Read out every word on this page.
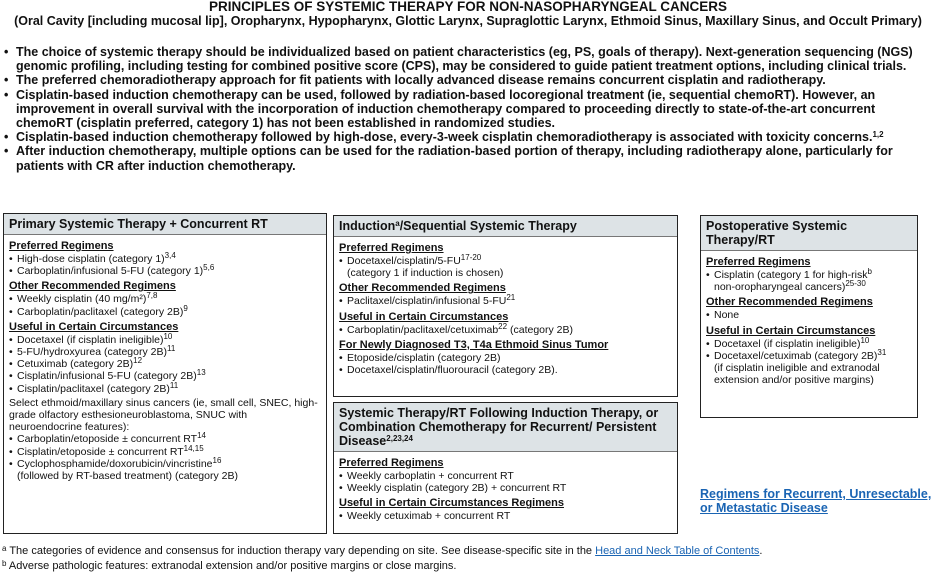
PRINCIPLES OF SYSTEMIC THERAPY FOR NON-NASOPHARYNGEAL CANCERS
(Oral Cavity [including mucosal lip], Oropharynx, Hypopharynx, Glottic Larynx, Supraglottic Larynx, Ethmoid Sinus, Maxillary Sinus, and Occult Primary)
• The choice of systemic therapy should be individualized based on patient characteristics (eg, PS, goals of therapy). Next-generation sequencing (NGS) genomic profiling, including testing for combined positive score (CPS), may be considered to guide patient treatment options, including clinical trials.
• The preferred chemoradiotherapy approach for fit patients with locally advanced disease remains concurrent cisplatin and radiotherapy.
• Cisplatin-based induction chemotherapy can be used, followed by radiation-based locoregional treatment (ie, sequential chemoRT). However, an improvement in overall survival with the incorporation of induction chemotherapy compared to proceeding directly to state-of-the-art concurrent chemoRT (cisplatin preferred, category 1) has not been established in randomized studies.
• Cisplatin-based induction chemotherapy followed by high-dose, every-3-week cisplatin chemoradiotherapy is associated with toxicity concerns.$^{1,2}$
• After induction chemotherapy, multiple options can be used for the radiation-based portion of therapy, including radiotherapy alone, particularly for patients with CR after induction chemotherapy.
Primary Systemic Therapy + Concurrent RT
Preferred Regimens
• High-dose cisplatin (category 1)$^{3,4}$
• Carboplatin/infusional 5-FU (category 1)$^{5,6}$
Other Recommended Regimens
• Weekly cisplatin (40 mg/m²)$^{7,8}$
• Carboplatin/paclitaxel (category 2B)$^9$
Useful in Certain Circumstances
• Docetaxel (if cisplatin ineligible)$^{10}$
• 5-FU/hydroxyurea (category 2B)$^{11}$
• Cetuximab (category 2B)$^{12}$
• Cisplatin/infusional 5-FU (category 2B)$^{13}$
• Cisplatin/paclitaxel (category 2B)$^{11}$
Select ethmoid/maxillary sinus cancers (ie, small cell, SNEC, high-grade olfactory esthesioneuroblastoma, SNUC with neuroendocrine features):
• Carboplatin/etoposide ± concurrent RT$^{14}$
• Cisplatin/etoposide ± concurrent RT$^{14,15}$
• Cyclophosphamide/doxorubicin/vincristine$^{16}$
(followed by RT-based treatment) (category 2B)
Induction$^a$/Sequential Systemic Therapy
Preferred Regimens
• Docetaxel/cisplatin/5-FU$^{17-20}$
(category 1 if induction is chosen)
Other Recommended Regimens
• Paclitaxel/cisplatin/infusional 5-FU$^{21}$
Useful in Certain Circumstances
• Carboplatin/paclitaxel/cetuximab$^{22}$ (category 2B)
For Newly Diagnosed T3, T4a Ethmoid Sinus Tumor
• Etoposide/cisplatin (category 2B)
• Docetaxel/cisplatin/fluorouracil (category 2B).
Systemic Therapy/RT Following Induction Therapy, or Combination Chemotherapy for Recurrent/ Persistent Disease$^{2,23,24}$
Preferred Regimens
• Weekly carboplatin + concurrent RT
• Weekly cisplatin (category 2B) + concurrent RT
Useful in Certain Circumstances Regimens
• Weekly cetuximab + concurrent RT
Postoperative Systemic Therapy/RT
Preferred Regimens
• Cisplatin (category 1 for high-risk$^b$
non-oropharyngeal cancers)$^{25-30}$
Other Recommended Regimens
• None
Useful in Certain Circumstances
• Docetaxel (if cisplatin ineligible)$^{10}$
• Docetaxel/cetuximab (category 2B)$^{31}$
(if cisplatin ineligible and extranodal extension and/or positive margins)
Regimens for Recurrent, Unresectable, or Metastatic Disease
$^a$ The categories of evidence and consensus for induction therapy vary depending on site. See disease-specific site in the Head and Neck Table of Contents.
$^b$ Adverse pathologic features: extranodal extension and/or positive margins or close margins.
